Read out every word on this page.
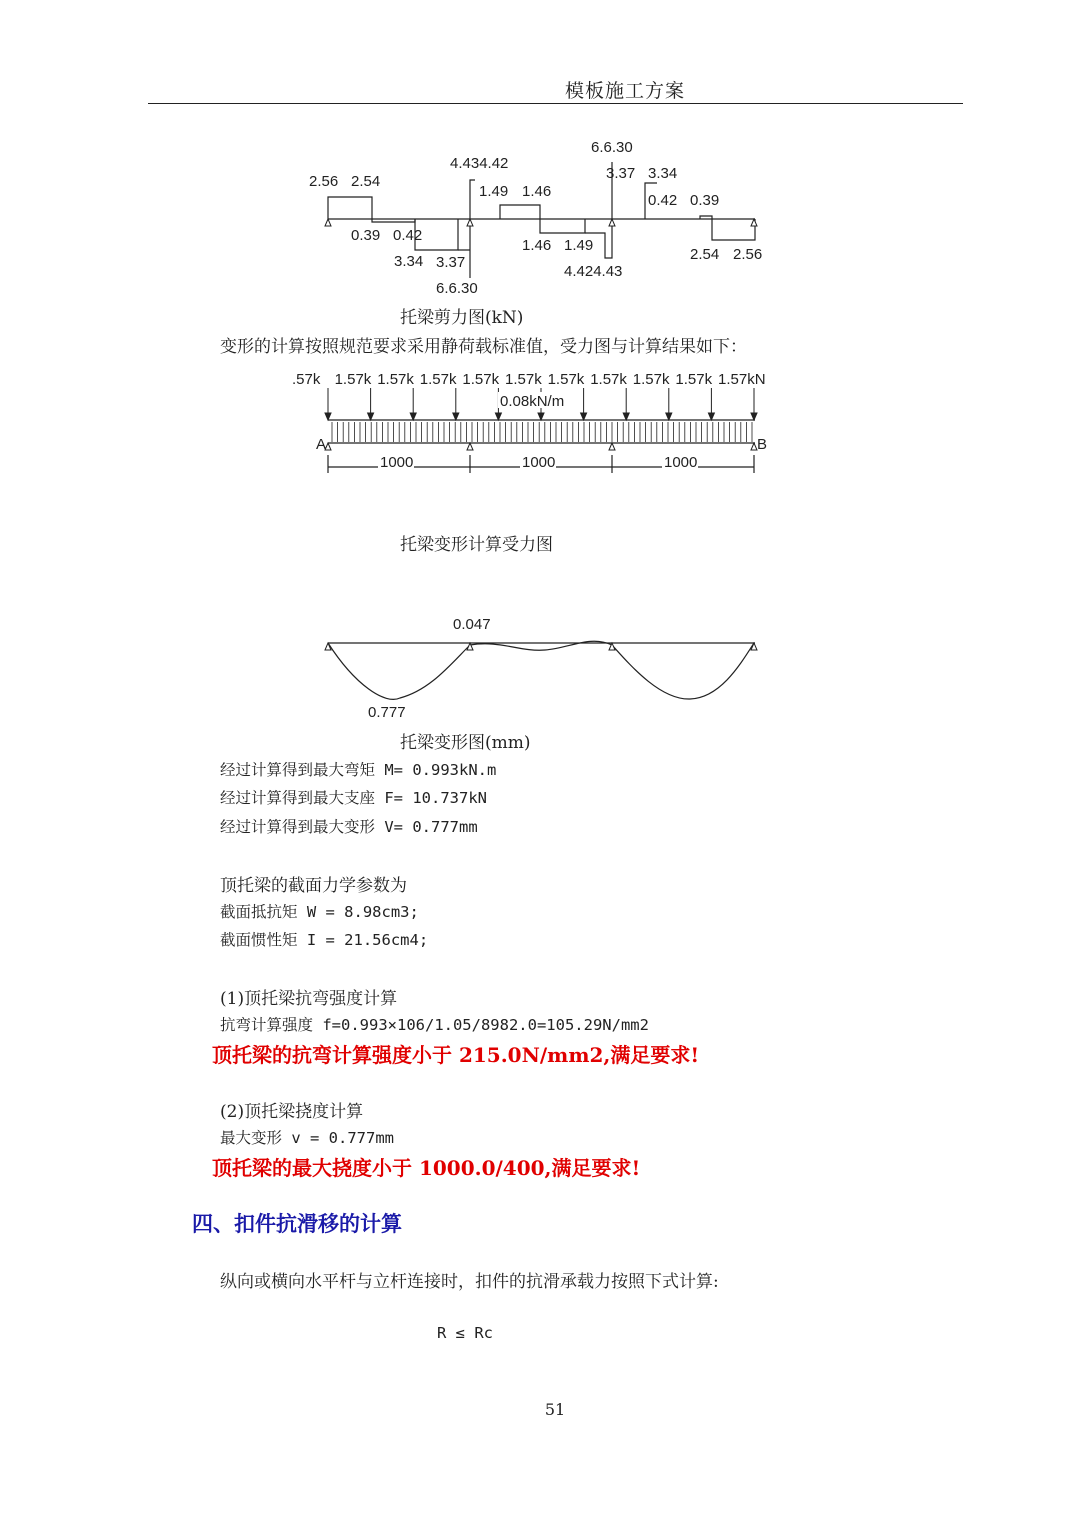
模板施工方案
2.56 2.54
0.39 0.42
3.34 3.37
6.6.30
4.434.42
1.49 1.46
1.46 1.49
4.424.43
6.6.30
3.37 3.34
0.42 0.39
2.54 2.56
托梁剪力图(kN)
变形的计算按照规范要求采用静荷载标准值，受力图与计算结果如下：
1000	1000	1000
A	B
0.08kN/m
.57k 1.57k 1.57k 1.57k 1.57k 1.57k 1.57k 1.57k 1.57k 1.57k 1.57kN
托梁变形计算受力图
0.047
0.777
托梁变形图(mm)
经过计算得到最大弯矩 M= 0.993kN.m
经过计算得到最大支座 F= 10.737kN
经过计算得到最大变形 V= 0.777mm
顶托梁的截面力学参数为
截面抵抗矩 W = 8.98cm3;
截面惯性矩 I = 21.56cm4;
(1)顶托梁抗弯强度计算
抗弯计算强度 f=0.993×106/1.05/8982.0=105.29N/mm2
顶托梁的抗弯计算强度小于 215.0N/mm2,满足要求!
(2)顶托梁挠度计算
最大变形 v = 0.777mm
顶托梁的最大挠度小于 1000.0/400,满足要求!
四、扣件抗滑移的计算
纵向或横向水平杆与立杆连接时，扣件的抗滑承载力按照下式计算:
R ≤ Rc
51
